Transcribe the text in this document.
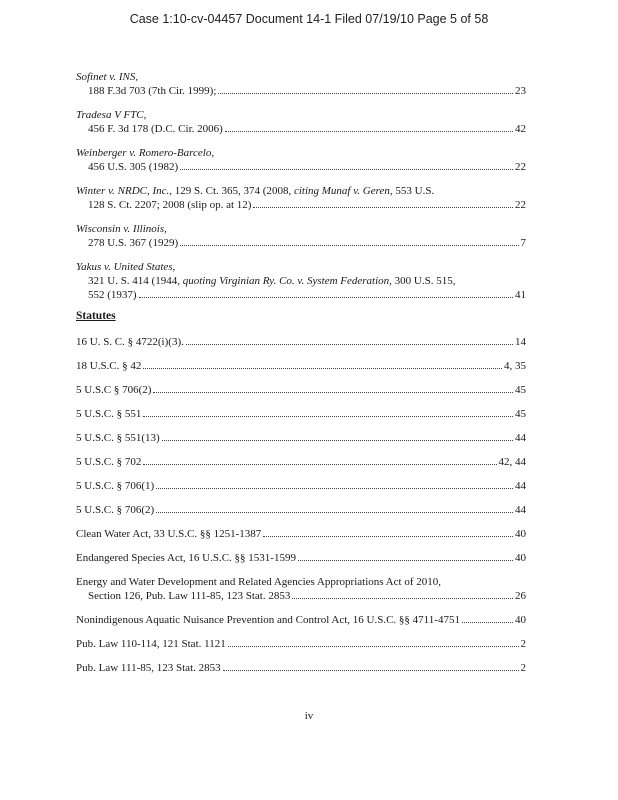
Case 1:10-cv-04457 Document 14-1 Filed 07/19/10 Page 5 of 58
Sofinet v. INS,
188 F.3d 703 (7th Cir. 1999);	23
Tradesa V FTC,
456 F. 3d 178 (D.C. Cir. 2006)	42
Weinberger v. Romero-Barcelo,
456 U.S. 305 (1982)	22
Winter v. NRDC, Inc., 129 S. Ct. 365, 374 (2008, citing Munaf v. Geren, 553 U.S.
128 S. Ct. 2207; 2008 (slip op. at 12)	22
Wisconsin v. Illinois,
278 U.S. 367 (1929)	7
Yakus v. United States,
321 U. S. 414 (1944, quoting Virginian Ry. Co. v. System Federation, 300 U.S. 515,
552 (1937)	41
Statutes
16 U. S. C. § 4722(i)(3).	14
18 U.S.C. § 42	4, 35
5 U.S.C § 706(2)	45
5 U.S.C. § 551	45
5 U.S.C. § 551(13)	44
5 U.S.C. § 702	42, 44
5 U.S.C. § 706(1)	44
5 U.S.C. § 706(2)	44
Clean Water Act, 33 U.S.C. §§ 1251-1387	40
Endangered Species Act, 16 U.S.C. §§ 1531-1599	40
Energy and Water Development and Related Agencies Appropriations Act of 2010,
Section 126, Pub. Law 111-85, 123 Stat. 2853	26
Nonindigenous Aquatic Nuisance Prevention and Control Act, 16 U.S.C. §§ 4711-4751	40
Pub. Law 110-114, 121 Stat. 1121	2
Pub. Law 111-85, 123 Stat. 2853	2
iv
